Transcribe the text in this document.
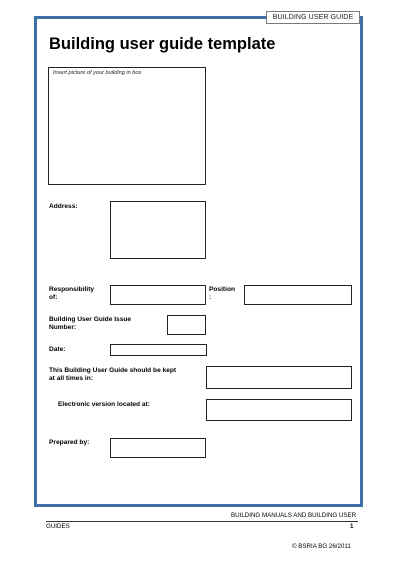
BUILDING USER GUIDE
Building user guide template
Insert picture of your building in box
Address:
Responsibility
of:
Position
:
Building User Guide Issue
Number:
Date:
This Building User Guide should be kept
at all times in:
Electronic version located at:
Prepared by:
BUILDING MANUALS AND BUILDING USER
GUIDES	1
© BSRIA BG 26/2011
